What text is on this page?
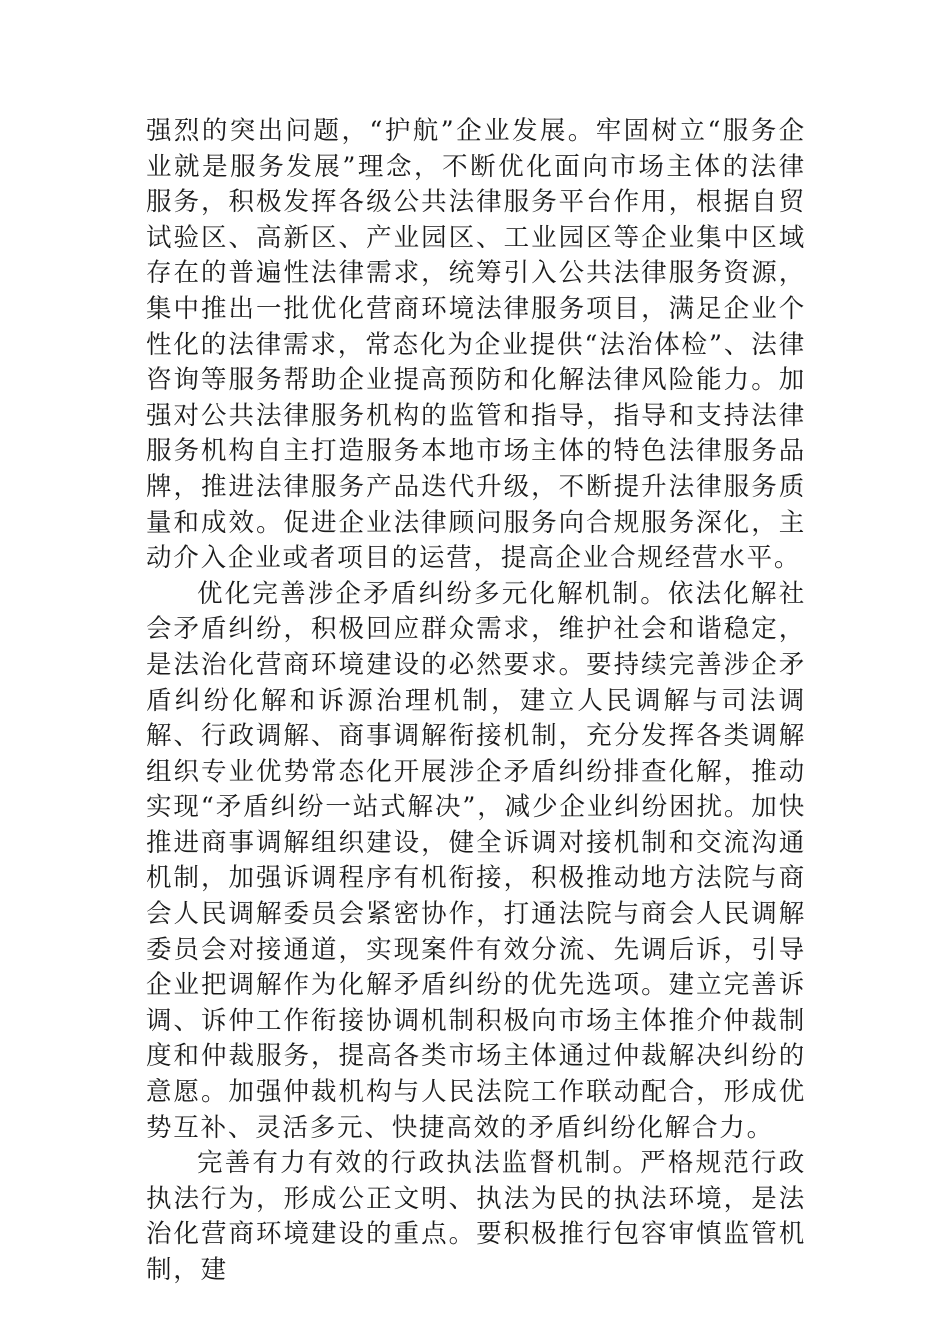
强烈的突出问题，“护航”企业发展。牢固树立“服务企业就是服务发展”理念，不断优化面向市场主体的法律服务，积极发挥各级公共法律服务平台作用，根据自贸试验区、高新区、产业园区、工业园区等企业集中区域存在的普遍性法律需求，统筹引入公共法律服务资源，集中推出一批优化营商环境法律服务项目，满足企业个性化的法律需求，常态化为企业提供“法治体检”、法律咨询等服务帮助企业提高预防和化解法律风险能力。加强对公共法律服务机构的监管和指导，指导和支持法律服务机构自主打造服务本地市场主体的特色法律服务品牌，推进法律服务产品迭代升级，不断提升法律服务质量和成效。促进企业法律顾问服务向合规服务深化，主动介入企业或者项目的运营，提高企业合规经营水平。

优化完善涉企矛盾纠纷多元化解机制。依法化解社会矛盾纠纷，积极回应群众需求，维护社会和谐稳定，是法治化营商环境建设的必然要求。要持续完善涉企矛盾纠纷化解和诉源治理机制，建立人民调解与司法调解、行政调解、商事调解衔接机制，充分发挥各类调解组织专业优势常态化开展涉企矛盾纠纷排查化解，推动实现“矛盾纠纷一站式解决”，减少企业纠纷困扰。加快推进商事调解组织建设，健全诉调对接机制和交流沟通机制，加强诉调程序有机衔接，积极推动地方法院与商会人民调解委员会紧密协作，打通法院与商会人民调解委员会对接通道，实现案件有效分流、先调后诉，引导企业把调解作为化解矛盾纠纷的优先选项。建立完善诉调、诉仲工作衔接协调机制积极向市场主体推介仲裁制度和仲裁服务，提高各类市场主体通过仲裁解决纠纷的意愿。加强仲裁机构与人民法院工作联动配合，形成优势互补、灵活多元、快捷高效的矛盾纠纷化解合力。

完善有力有效的行政执法监督机制。严格规范行政执法行为，形成公正文明、执法为民的执法环境，是法治化营商环境建设的重点。要积极推行包容审慎监管机制，建
